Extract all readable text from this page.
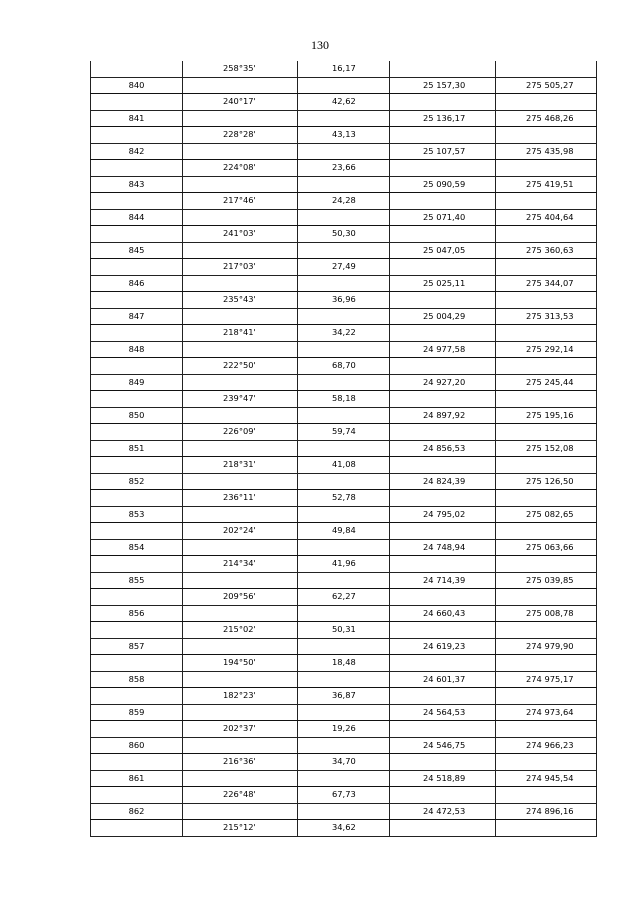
130
	258°35'	16,17		
840			25 157,30	275 505,27
	240°17'	42,62		
841			25 136,17	275 468,26
	228°28'	43,13		
842			25 107,57	275 435,98
	224°08'	23,66		
843			25 090,59	275 419,51
	217°46'	24,28		
844			25 071,40	275 404,64
	241°03'	50,30		
845			25 047,05	275 360,63
	217°03'	27,49		
846			25 025,11	275 344,07
	235°43'	36,96		
847			25 004,29	275 313,53
	218°41'	34,22		
848			24 977,58	275 292,14
	222°50'	68,70		
849			24 927,20	275 245,44
	239°47'	58,18		
850			24 897,92	275 195,16
	226°09'	59,74		
851			24 856,53	275 152,08
	218°31'	41,08		
852			24 824,39	275 126,50
	236°11'	52,78		
853			24 795,02	275 082,65
	202°24'	49,84		
854			24 748,94	275 063,66
	214°34'	41,96		
855			24 714,39	275 039,85
	209°56'	62,27		
856			24 660,43	275 008,78
	215°02'	50,31		
857			24 619,23	274 979,90
	194°50'	18,48		
858			24 601,37	274 975,17
	182°23'	36,87		
859			24 564,53	274 973,64
	202°37'	19,26		
860			24 546,75	274 966,23
	216°36'	34,70		
861			24 518,89	274 945,54
	226°48'	67,73		
862			24 472,53	274 896,16
	215°12'	34,62		
